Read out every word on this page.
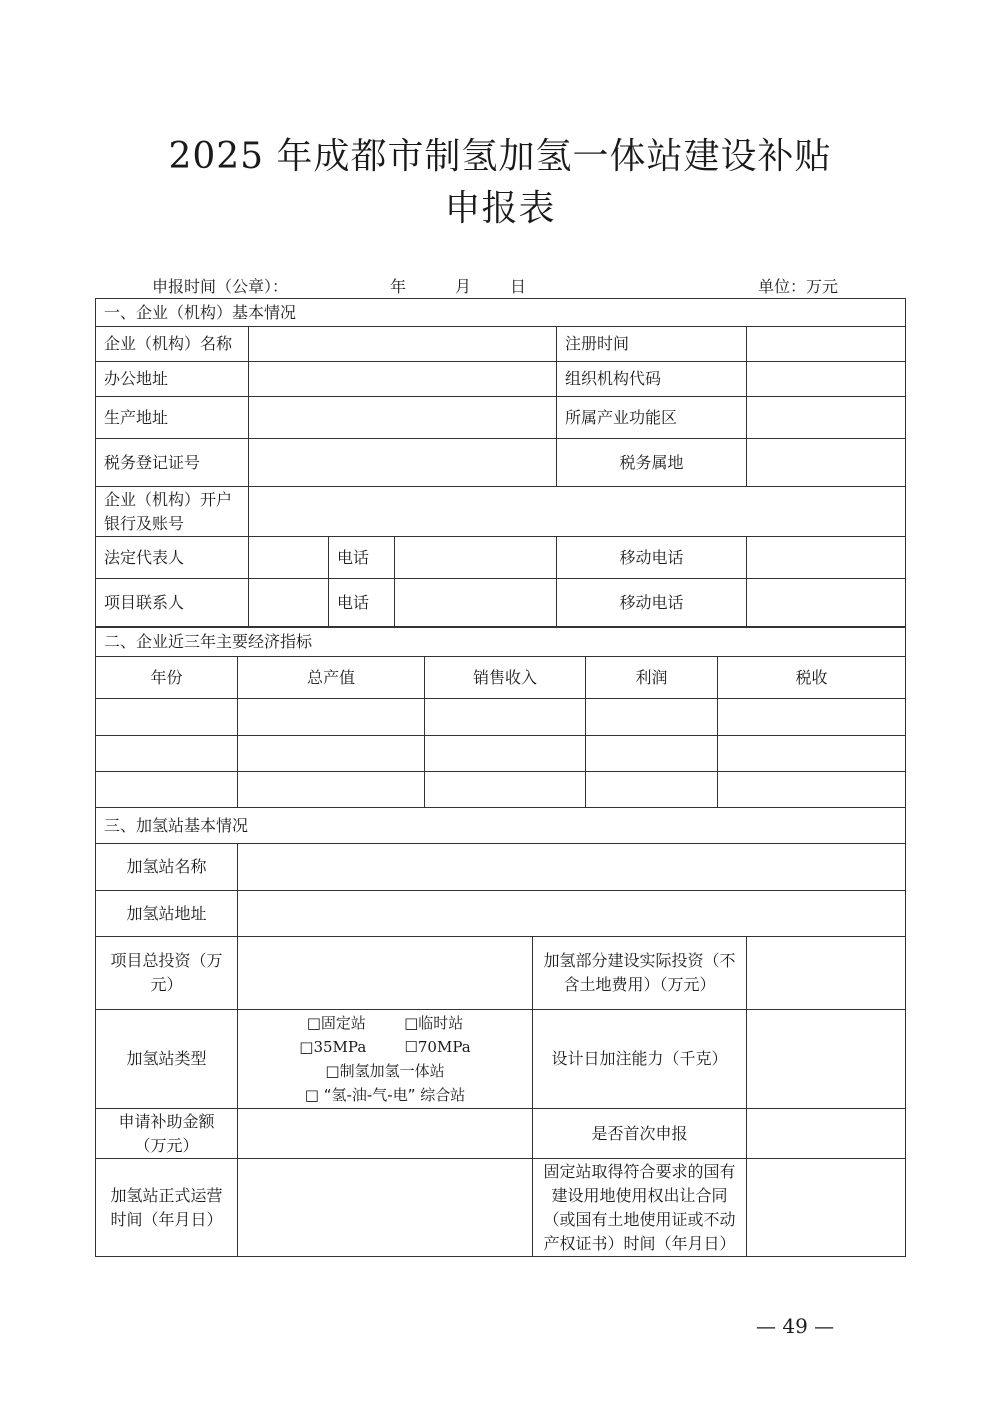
2025 年成都市制氢加氢一体站建设补贴
申报表
申报时间（公章）：	年	月 日	单位：万元
一、企业（机构）基本情况					
企业（机构）名称				注册时间	
办公地址				组织机构代码	
生产地址				所属产业功能区	
税务登记证号				税务属地	
企业（机构）开户银行及账号					
法定代表人		电话		移动电话	
项目联系人		电话		移动电话	
二、企业近三年主要经济指标				
年份	总产值	销售收入	利润	税收

三、加氢站基本情况			
加氢站名称			
加氢站地址			
项目总投资（万元）		加氢部分建设实际投资（不含土地费用）（万元）	
加氢站类型	□固定站 □临时站
□35MPa ☐70MPa
□制氢加氢一体站
□ “氢-油-气-电” 综合站	设计日加注能力（千克）	
申请补助金额（万元）		是否首次申报	
加氢站正式运营时间（年月日）		固定站取得符合要求的国有建设用地使用权出让合同（或国有土地使用证或不动产权证书）时间（年月日）	
— 49 —
